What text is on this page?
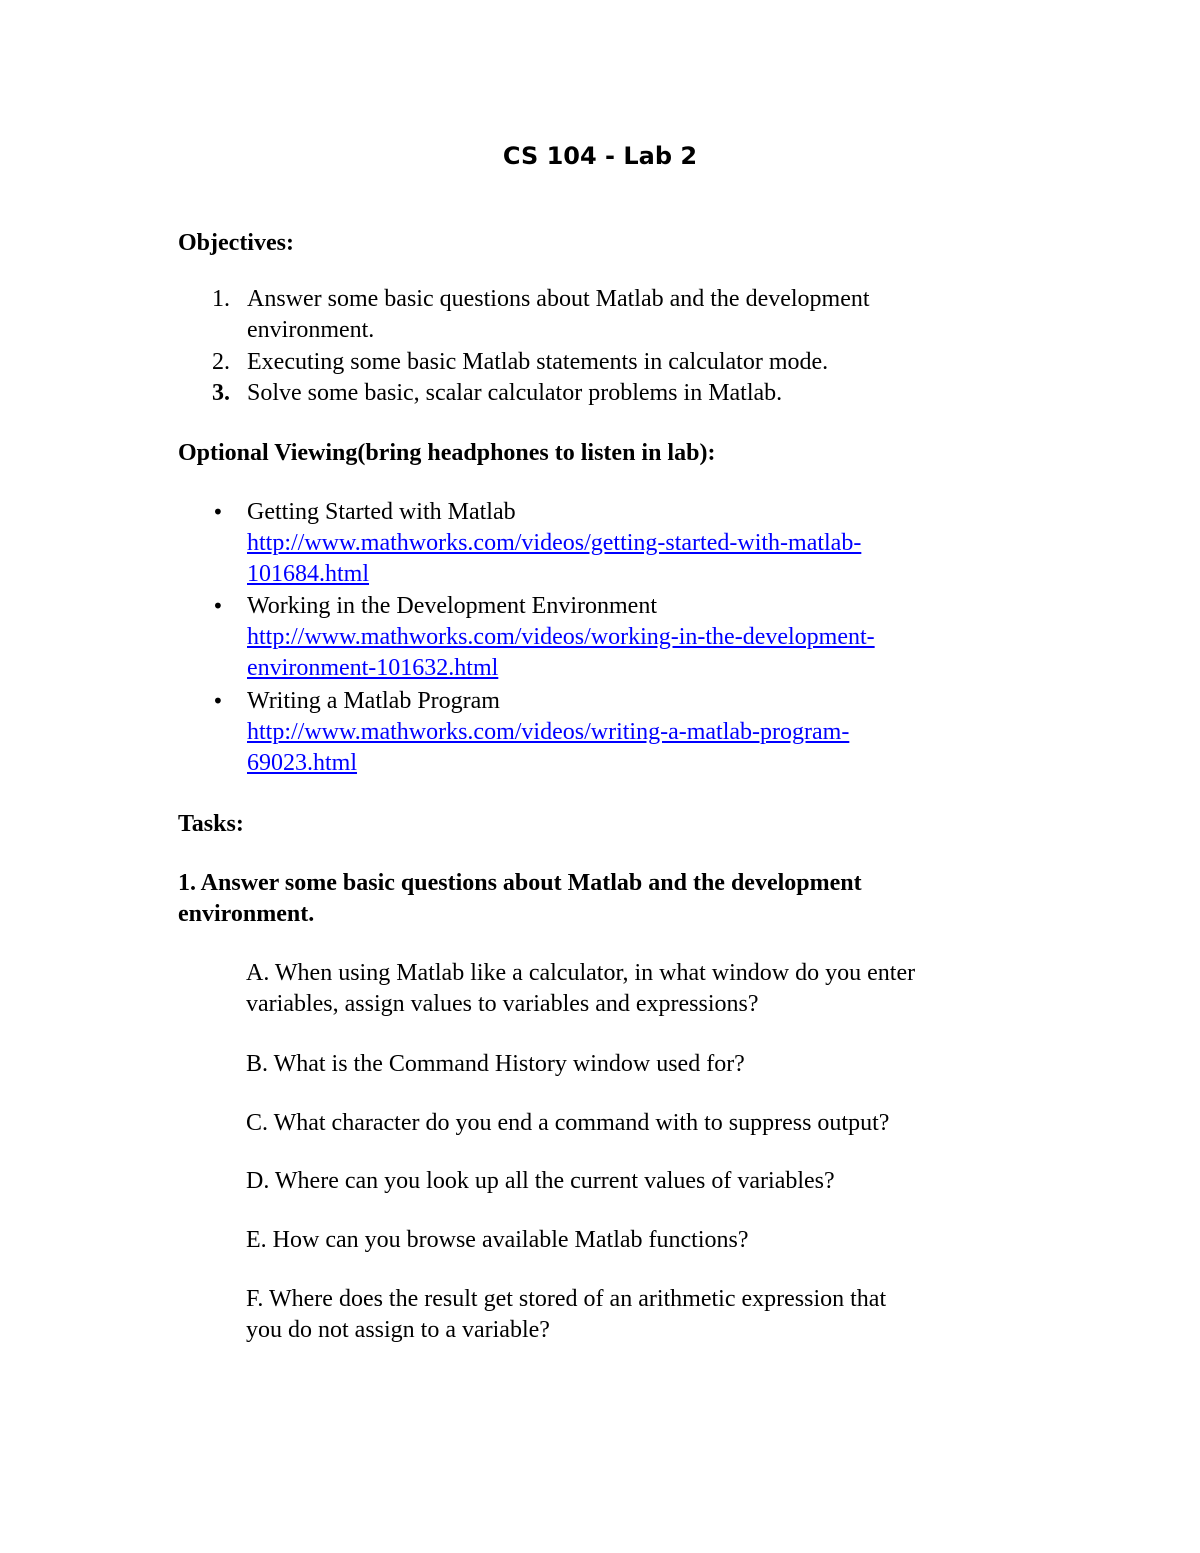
CS 104 - Lab 2
Objectives:
1. Answer some basic questions about Matlab and the development
environment.
2. Executing some basic Matlab statements in calculator mode.
3. Solve some basic, scalar calculator problems in Matlab.
Optional Viewing(bring headphones to listen in lab):
• Getting Started with Matlab
http://www.mathworks.com/videos/getting-started-with-matlab-
101684.html
• Working in the Development Environment
http://www.mathworks.com/videos/working-in-the-development-
environment-101632.html
• Writing a Matlab Program
http://www.mathworks.com/videos/writing-a-matlab-program-
69023.html
Tasks:
1. Answer some basic questions about Matlab and the development
environment.
A. When using Matlab like a calculator, in what window do you enter
variables, assign values to variables and expressions?
B. What is the Command History window used for?
C. What character do you end a command with to suppress output?
D. Where can you look up all the current values of variables?
E. How can you browse available Matlab functions?
F. Where does the result get stored of an arithmetic expression that
you do not assign to a variable?
